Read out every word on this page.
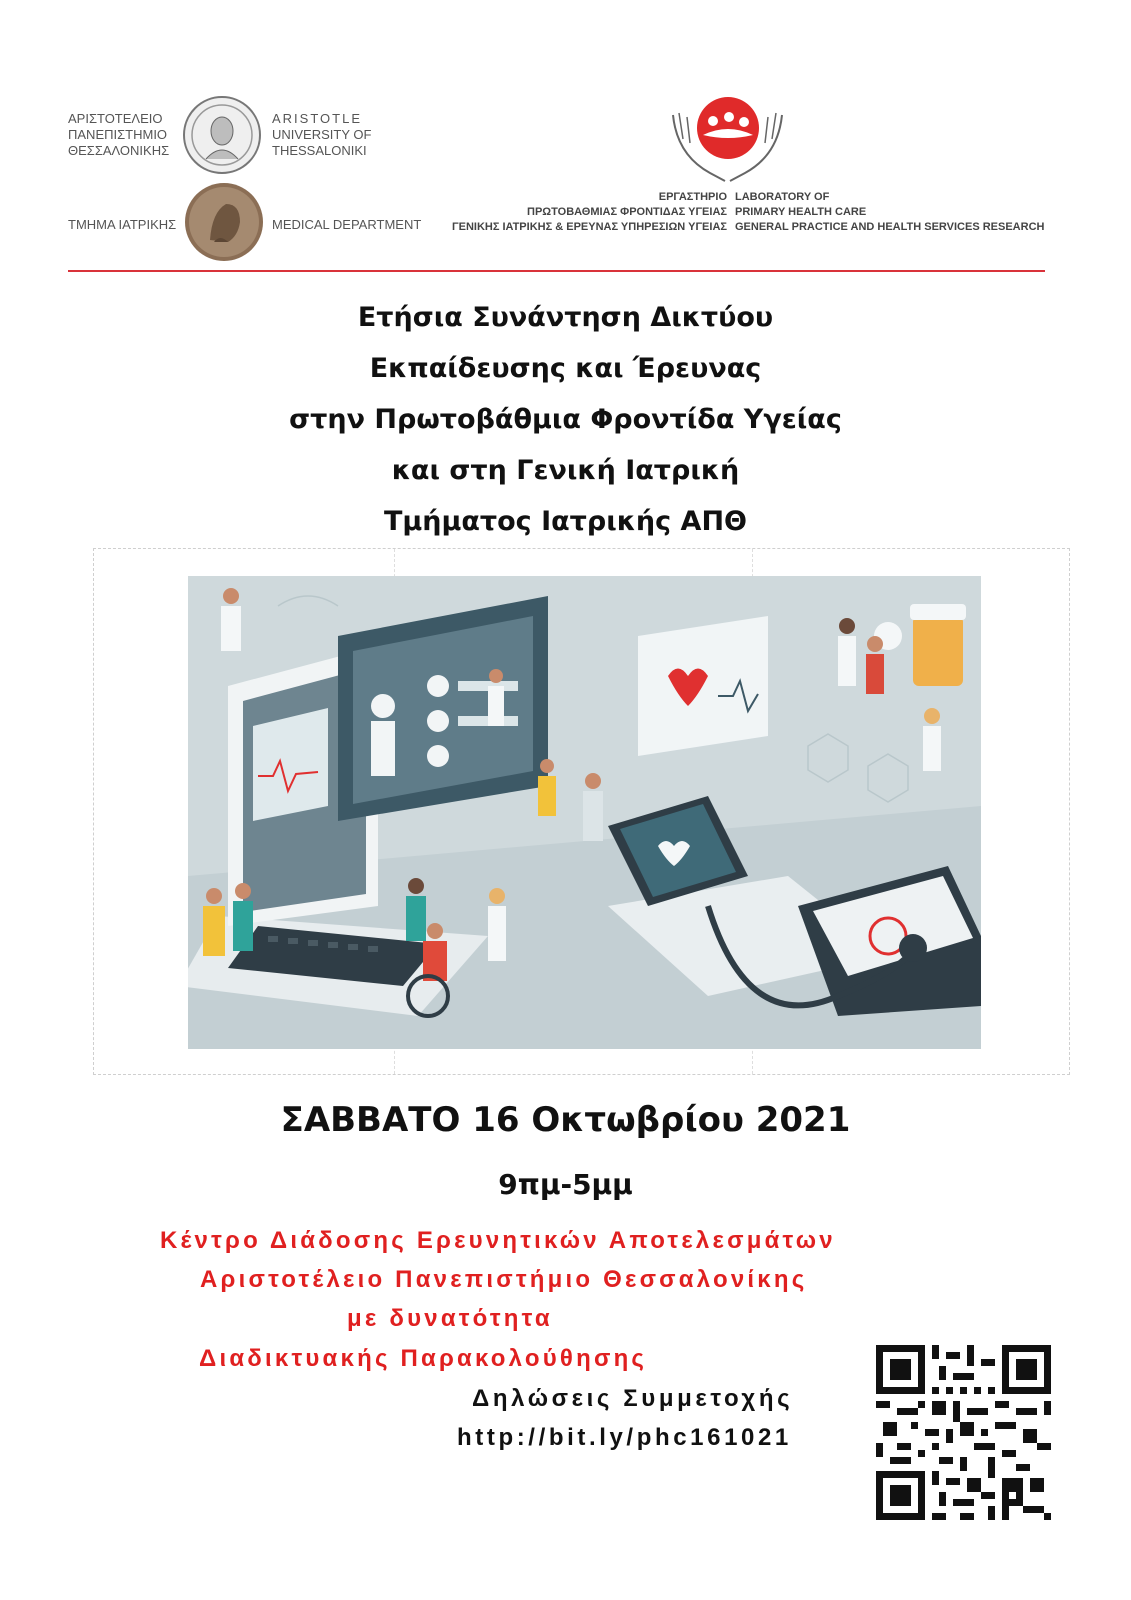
ΑΡΙΣΤΟΤΕΛΕΙΟ
ΠΑΝΕΠΙΣΤΗΜΙΟ
ΘΕΣΣΑΛΟΝΙΚΗΣ
ARISTOTLE
UNIVERSITY OF
THESSALONIKI
ΤΜΗΜΑ ΙΑΤΡΙΚΗΣ	MEDICAL DEPARTMENT
ΕΡΓΑΣΤΗΡΙΟ
ΠΡΩΤΟΒΑΘΜΙΑΣ ΦΡΟΝΤΙΔΑΣ ΥΓΕΙΑΣ
ΓΕΝΙΚΗΣ ΙΑΤΡΙΚΗΣ & ΕΡΕΥΝΑΣ ΥΠΗΡΕΣΙΩΝ ΥΓΕΙΑΣ
LABORATORY OF
PRIMARY HEALTH CARE
GENERAL PRACTICE AND HEALTH SERVICES RESEARCH
Ετήσια Συνάντηση Δικτύου
Εκπαίδευσης και Έρευνας
στην Πρωτοβάθμια Φροντίδα Υγείας
και στη Γενική Ιατρική
Τμήματος Ιατρικής ΑΠΘ
ΣΑΒΒΑΤΟ 16 Οκτωβρίου 2021
9πμ-5μμ
Κέντρο Διάδοσης Ερευνητικών Αποτελεσμάτων
Αριστοτέλειο Πανεπιστήμιο Θεσσαλονίκης
με δυνατότητα
Διαδικτυακής Παρακολούθησης
Δηλώσεις Συμμετοχής
http://bit.ly/phc161021
